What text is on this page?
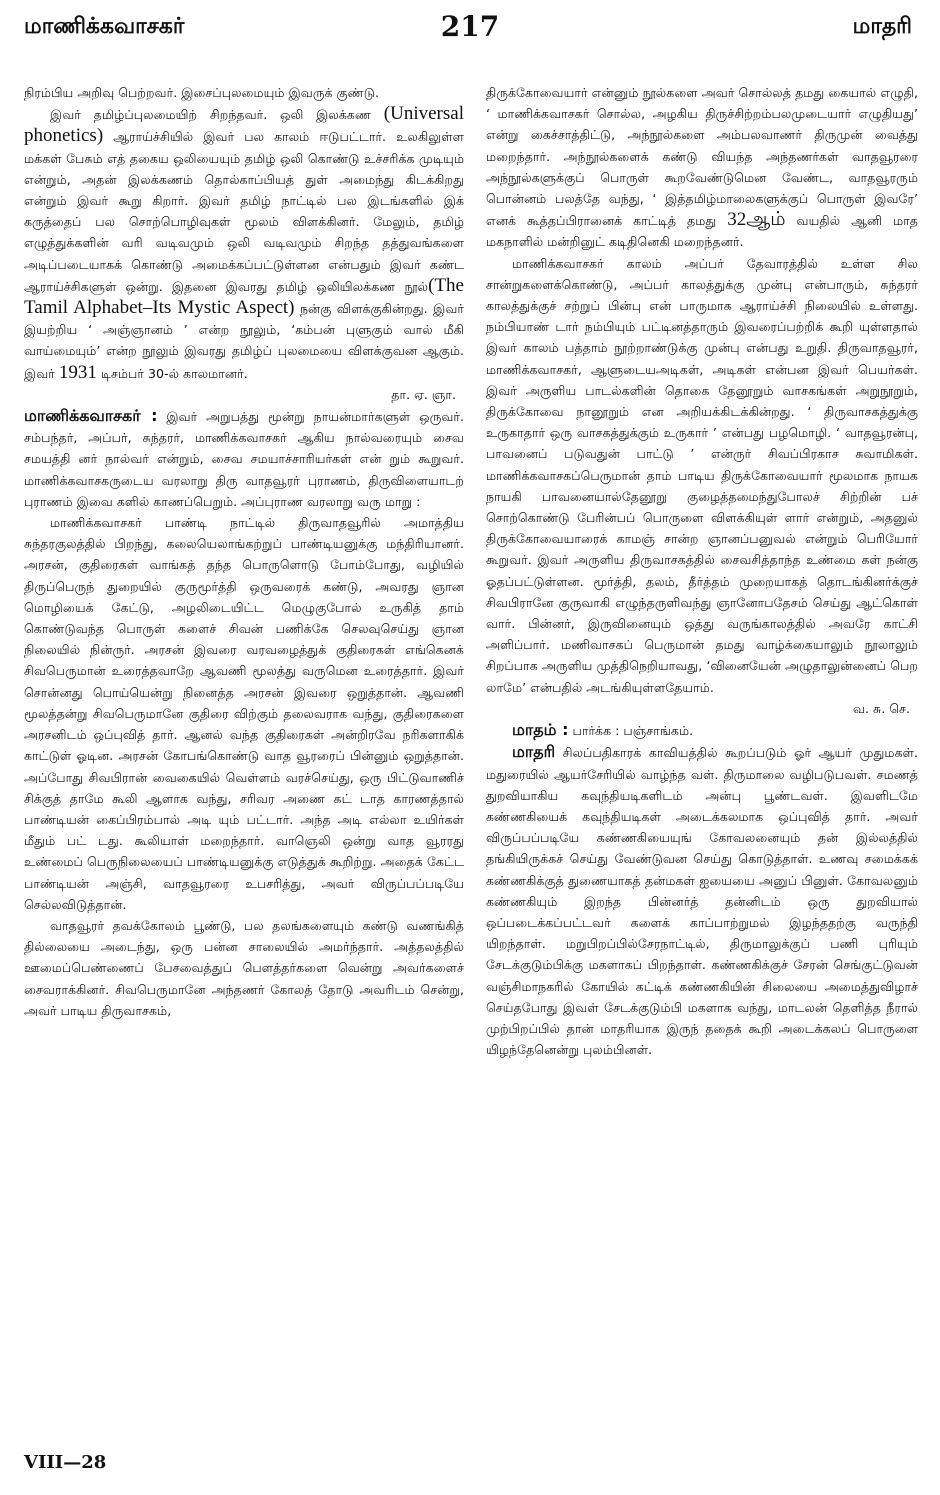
217
மாணிக்கவாசகர்	மாதரி

நிரம்பிய அறிவு பெற்றவர். இசைப்புலமையும் இவருக் குண்டு.

இவர் தமிழ்ப்புலமையிற் சிறந்தவர். ஒலி இலக்கண (Universal phonetics) ஆராய்ச்சியில் இவர் பல காலம் ஈடுபட்டார். உலகிலுள்ள மக்கள் பேசும் எத் தகைய ஒலியையும் தமிழ் ஒலி கொண்டு உச்சரிக்க முடியும் என்றும், அதன் இலக்கணம் தொல்காப்பியத் துள் அமைந்து கிடக்கிறது என்றும் இவர் கூறு கிறார். இவர் தமிழ் நாட்டில் பல இடங்களில் இக் கருத்தைப் பல சொற்பொழிவுகள் மூலம் விளக்கினர். மேலும், தமிழ் எழுத்துக்களின் வரி வடிவமும் ஒலி வடிவமும் சிறந்த தத்துவங்களை அடிப்படையாகக் கொண்டு அமைக்கப்பட்டுள்ளன என்பதும் இவர் கண்ட ஆராய்ச்சிகளுள் ஒன்று. இதனை இவரது தமிழ் ஒலியிலக்கண நூல்(The Tamil Alphabet–Its Mystic Aspect) நன்கு விளக்குகின்றது. இவர் இயற்றிய ‘ அஞ்ஞானம் ’ என்ற நூலும், ‘கம்பன் புளுகும் வால் மீகி வாய்மையும்’ என்ற நூலும் இவரது தமிழ்ப் புலமையை விளக்குவன ஆகும். இவர் 1931 டிசம்பர் 30-ல் காலமானர்.
தா. ஏ. ஞா.

மாணிக்கவாசகர் : இவர் அறுபத்து மூன்று நாயன்மார்களுள் ஒருவர். சம்பந்தர், அப்பர், சுந்தரர், மாணிக்கவாசகர் ஆகிய நால்வரையும் சைவ சமயத்தி னர் நால்வர் என்றும், சைவ சமயாச்சாரியர்கள் என் றும் கூறுவர். மாணிக்கவாசகருடைய வரலாறு திரு வாதவூரர் புராணம், திருவிளையாடற் புராணம் இவை களில் காணப்பெறும். அப்புராண வரலாறு வரு மாறு :

மாணிக்கவாசகர் பாண்டி நாட்டில் திருவாதவூரில் அமாத்திய சுந்தரகுலத்தில் பிறந்து, கலையெலாங்கற்றுப் பாண்டியனுக்கு மந்திரியானர். அரசன், குதிரைகள் வாங்கத் தந்த பொருளொடு போம்போது, வழியில் திருப்பெருந் துறையில் குருமூர்த்தி ஒருவரைக் கண்டு, அவரது ஞான மொழியைக் கேட்டு, அழலிடையிட்ட மெழுகுபோல் உருகித் தாம் கொண்டுவந்த பொருள் களைச் சிவன் பணிக்கே செலவுசெய்து ஞான நிலையில் நின்ருர். அரசன் இவரை வரவழைத்துக் குதிரைகள் எங்கெனக் சிவபெருமான் உரைத்தவாறே ஆவணி மூலத்து வருமென உரைத்தார். இவர் சொன்னது பொய்யென்று நினைத்த அரசன் இவரை ஒறுத்தான். ஆவணி மூலத்தன்று சிவபெருமானே குதிரை விற்கும் தலைவராக வந்து, குதிரைகளை அரசனிடம் ஒப்புவித் தார். ஆனல் வந்த குதிரைகள் அன்றிரவே நரிகளாகிக் காட்டுள் ஓடின. அரசன் கோபங்கொண்டு வாத வூரரைப் பின்னும் ஒறுத்தான். அப்போது சிவபிரான் வைகையில் வெள்ளம் வரச்செய்து, ஒரு பிட்டுவாணிச் சிக்குத் தாமே கூலி ஆளாக வந்து, சரிவர அணை கட் டாத காரணத்தால் பாண்டியன் கைப்பிரம்பால் அடி யும் பட்டார். அந்த அடி எல்லா உயிர்கள் மீதும் பட் டது. கூலியாள் மறைந்தார். வாஞெலி ஒன்று வாத வூரரது உண்மைப் பெருநிலையைப் பாண்டியனுக்கு எடுத்துக் கூறிற்று. அதைக் கேட்ட பாண்டியன் அஞ்சி, வாதவூரரை உபசரித்து, அவர் விருப்பப்படியே செல்லவிடுத்தான்.

வாதவூரர் தவக்கோலம் பூண்டு, பல தலங்களையும் கண்டு வணங்கித் தில்லையை அடைந்து, ஒரு பன்ன சாலையில் அமர்ந்தார். அத்தலத்தில் ஊமைப்பெண்ணைப் பேசவைத்துப் பௌத்தர்களை வென்று அவர்களைச் சைவராக்கினர். சிவபெருமானே அந்தணர் கோலத் தோடு அவரிடம் சென்று, அவர் பாடிய திருவாசகம்,

திருக்கோவையார் என்னும் நூல்களை அவர் சொல்லத் தமது கையால் எழுதி, ‘ மாணிக்கவாசகர் சொல்ல, அழகிய திருச்சிற்றம்பலமுடையார் எழுதியது’ என்று கைச்சாத்திட்டு, அந்நூல்களை அம்பலவாணர் திருமுன் வைத்து மறைந்தார். அந்நூல்களைக் கண்டு வியந்த அந்தணர்கள் வாதவூரரை அந்நூல்களுக்குப் பொருள் கூறவேண்டுமென வேண்ட, வாதவூரரும் பொன்னம் பலத்தே வந்து, ‘ இத்தமிழ்மாலைகளுக்குப் பொருள் இவரே’ எனக் கூத்தப்பிரானைக் காட்டித் தமது 32ஆம் வயதில் ஆனி மாத மகநாளில் மன்றினுட் கடிதினெகி மறைந்தனர்.

மாணிக்கவாசகர் காலம் அப்பர் தேவாரத்தில் உள்ள சில சான்றுகளைக்கொண்டு, அப்பர் காலத்துக்கு முன்பு என்பாரும், சுந்தரர் காலத்துக்குச் சற்றுப் பின்பு என் பாருமாக ஆராய்ச்சி நிலையில் உள்ளது. நம்பியாண் டார் நம்பியும் பட்டினத்தாரும் இவரைப்பற்றிக் கூறி யுள்ளதால் இவர் காலம் பத்தாம் நூற்றாண்டுக்கு முன்பு என்பது உறுதி. திருவாதவூரர், மாணிக்கவாசகர், ஆளுடையஅடிகள், அடிகள் என்பன இவர் பெயர்கள். இவர் அருளிய பாடல்களின் தொகை தேனூறும் வாசகங்கள் அறுநூறும், திருக்கோவை நானூறும் என அறியக்கிடக்கின்றது. ‘ திருவாசகத்துக்கு உருகாதார் ஒரு வாசகத்துக்கும் உருகார் ’ என்பது பழமொழி. ‘ வாதவூரன்பு, பாவனைப் படுவதுன் பாட்டு ’ என்ருர் சிவப்பிரகாச சுவாமிகள். மாணிக்கவாசகப்பெருமான் தாம் பாடிய திருக்கோவையார் மூலமாக நாயக நாயகி பாவனையால்தேனூறு குழைத்தமைந்துபோலச் சிற்றின் பச் சொற்கொண்டு பேரின்பப் பொருளை விளக்கியுள் ளார் என்றும், அதனுல் திருக்கோவையாரைக் காமஞ் சான்ற ஞானப்பனுவல் என்றும் பெரியோர் கூறுவர். இவர் அருளிய திருவாசகத்தில் சைவசித்தாந்த உண்மை கள் நன்கு ஓதப்பட்டுள்ளன. மூர்த்தி, தலம், தீர்த்தம் முறையாகத் தொடங்கினர்க்குச் சிவபிரானே குருவாகி எழுந்தருளிவந்து ஞானோபதேசம் செய்து ஆட்கொள் வார். பின்னர், இருவினையும் ஒத்து வருங்காலத்தில் அவரே காட்சி அளிப்பார். மணிவாசகப் பெருமான் தமது வாழ்க்கையாலும் நூலாலும் சிறப்பாக அருளிய முத்திநெறியாவது, ‘வினையேன் அழுதாலுன்னைப் பெற லாமே’ என்பதில் அடங்கியுள்ளதேயாம்.
வ. சு. செ.

மாதம் : பார்க்க : பஞ்சாங்கம்.

மாதரி சிலப்பதிகாரக் காவியத்தில் கூறப்படும் ஓர் ஆயர் முதுமகள். மதுரையில் ஆயர்சேரியில் வாழ்ந்த வள். திருமாலை வழிபடுபவள். சமணத் துறவியாகிய கவுந்தியடிகளிடம் அன்பு பூண்டவள். இவளிடமே கண்ணகியைக் கவுந்தியடிகள் அடைக்கலமாக ஒப்புவித் தார். அவர் விருப்பப்படியே கண்ணகியையுங் கோவலனையும் தன் இல்லத்தில் தங்கியிருக்கச் செய்து வேண்டுவன செய்து கொடுத்தாள். உணவு சமைக்கக் கண்ணகிக்குத் துணையாகத் தன்மகள் ஐயையை அனுப் பினுள். கோவலனும் கண்ணகியும் இறந்த பின்னர்த் தன்னிடம் ஒரு துறவியால் ஒப்படைக்கப்பட்டவர் களைக் காப்பாற்றுமல் இழந்ததற்கு வருந்தி யிறந்தாள். மறுபிறப்பில்சேரநாட்டில், திருமாலுக்குப் பணி புரியும் சேடக்குடும்பிக்கு மகளாகப் பிறந்தாள். கண்ணகிக்குச் சேரன் செங்குட்டுவன் வஞ்சிமாநகரில் கோயில் கட்டிக் கண்ணகியின் சிலையை அமைத்துவிழாச் செய்தபோது இவள் சேடக்குடும்பி மகளாக வந்து, மாடலன் தெளித்த நீரால் முற்பிறப்பில் தான் மாதரியாக இருந் ததைக் கூறி அடைக்கலப் பொருளை யிழந்தேனென்று புலம்பினள்.

VIII—28
